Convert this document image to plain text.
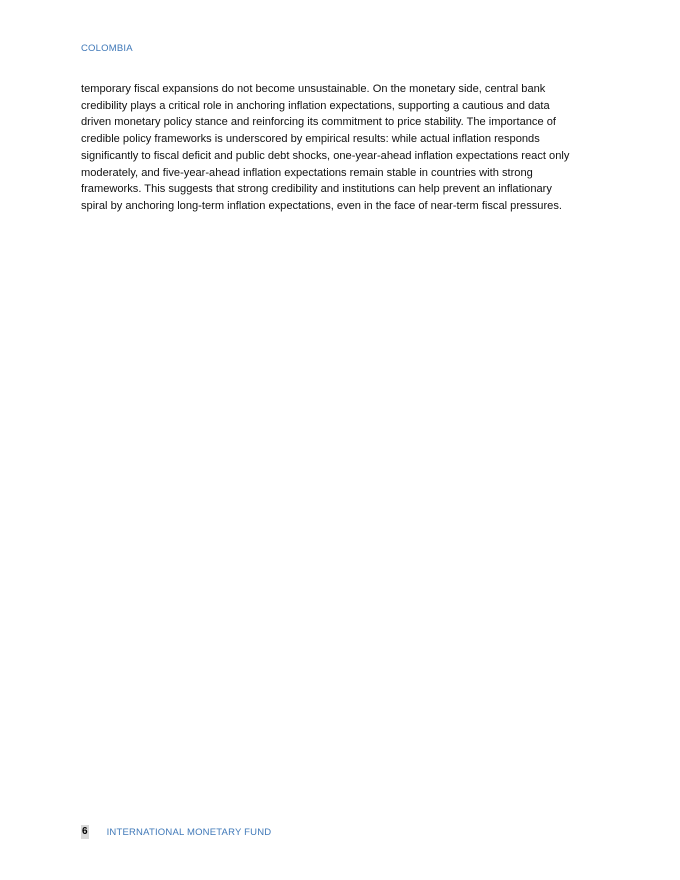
COLOMBIA

temporary fiscal expansions do not become unsustainable. On the monetary side, central bank
credibility plays a critical role in anchoring inflation expectations, supporting a cautious and data
driven monetary policy stance and reinforcing its commitment to price stability. The importance of
credible policy frameworks is underscored by empirical results: while actual inflation responds
significantly to fiscal deficit and public debt shocks, one-year-ahead inflation expectations react only
moderately, and five-year-ahead inflation expectations remain stable in countries with strong
frameworks. This suggests that strong credibility and institutions can help prevent an inflationary
spiral by anchoring long-term inflation expectations, even in the face of near-term fiscal pressures.

6 INTERNATIONAL MONETARY FUND
